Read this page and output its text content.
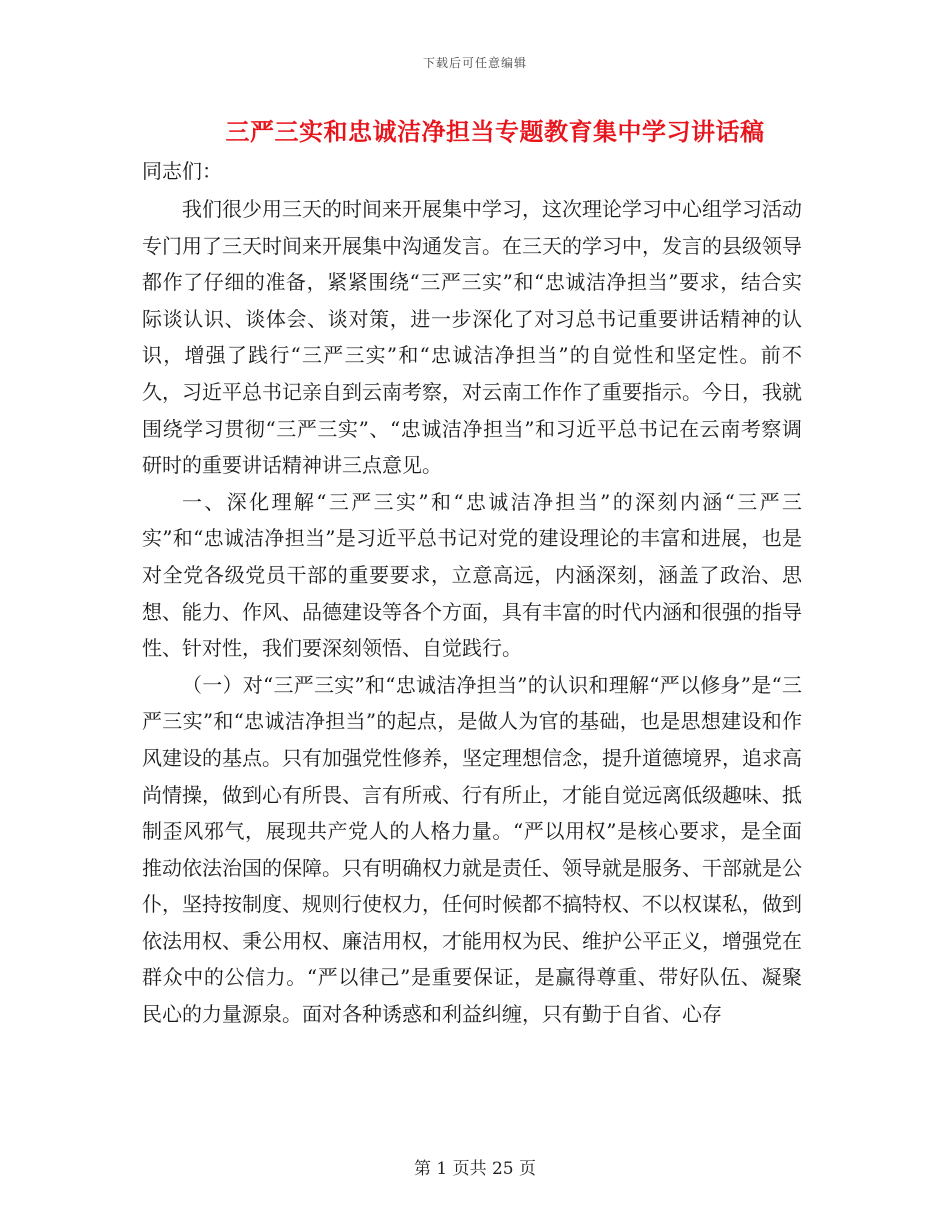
下载后可任意编辑
三严三实和忠诚洁净担当专题教育集中学习讲话稿

同志们：

我们很少用三天的时间来开展集中学习，这次理论学习中心组学习活动专门用了三天时间来开展集中沟通发言。在三天的学习中，发言的县级领导都作了仔细的准备，紧紧围绕“三严三实”和“忠诚洁净担当”要求，结合实际谈认识、谈体会、谈对策，进一步深化了对习总书记重要讲话精神的认识，增强了践行“三严三实”和“忠诚洁净担当”的自觉性和坚定性。前不久，习近平总书记亲自到云南考察，对云南工作作了重要指示。今日，我就围绕学习贯彻“三严三实”、“忠诚洁净担当”和习近平总书记在云南考察调研时的重要讲话精神讲三点意见。

一、深化理解“三严三实”和“忠诚洁净担当”的深刻内涵“三严三实”和“忠诚洁净担当”是习近平总书记对党的建设理论的丰富和进展，也是对全党各级党员干部的重要要求，立意高远，内涵深刻，涵盖了政治、思想、能力、作风、品德建设等各个方面，具有丰富的时代内涵和很强的指导性、针对性，我们要深刻领悟、自觉践行。

（一）对“三严三实”和“忠诚洁净担当”的认识和理解“严以修身”是“三严三实”和“忠诚洁净担当”的起点，是做人为官的基础，也是思想建设和作风建设的基点。只有加强党性修养，坚定理想信念，提升道德境界，追求高尚情操，做到心有所畏、言有所戒、行有所止，才能自觉远离低级趣味、抵制歪风邪气，展现共产党人的人格力量。“严以用权”是核心要求，是全面推动依法治国的保障。只有明确权力就是责任、领导就是服务、干部就是公仆，坚持按制度、规则行使权力，任何时候都不搞特权、不以权谋私，做到依法用权、秉公用权、廉洁用权，才能用权为民、维护公平正义，增强党在群众中的公信力。“严以律己”是重要保证，是赢得尊重、带好队伍、凝聚民心的力量源泉。面对各种诱惑和利益纠缠，只有勤于自省、心存

第 1 页共 25 页
